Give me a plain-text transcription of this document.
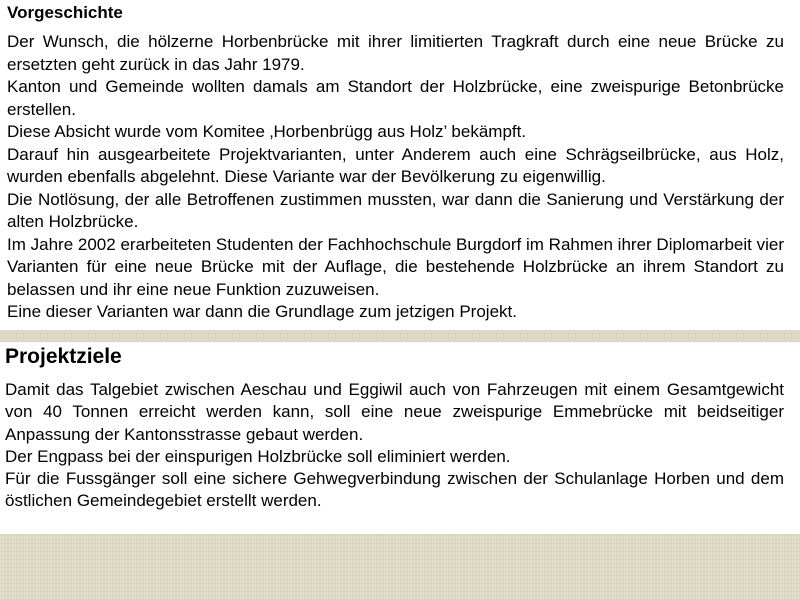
Vorgeschichte

Der Wunsch, die hölzerne Horbenbrücke mit ihrer limitierten Tragkraft durch eine neue Brücke zu ersetzten geht zurück in das Jahr 1979.

Kanton und Gemeinde wollten damals am Standort der Holzbrücke, eine zweispurige Betonbrücke erstellen.

Diese Absicht wurde vom Komitee ‚Horbenbrügg aus Holz’ bekämpft.

Darauf hin ausgearbeitete Projektvarianten, unter Anderem auch eine Schrägseilbrücke, aus Holz, wurden ebenfalls abgelehnt. Diese Variante war der Bevölkerung zu eigenwillig.

Die Notlösung, der alle Betroffenen zustimmen mussten, war dann die Sanierung und Verstärkung der alten Holzbrücke.

Im Jahre 2002 erarbeiteten Studenten der Fachhochschule Burgdorf im Rahmen ihrer Diplomarbeit vier Varianten für eine neue Brücke mit der Auflage, die bestehende Holzbrücke an ihrem Standort zu belassen und ihr eine neue Funktion zuzuweisen.

Eine dieser Varianten war dann die Grundlage zum jetzigen Projekt.

Projektziele

Damit das Talgebiet zwischen Aeschau und Eggiwil auch von Fahrzeugen mit einem Gesamtgewicht von 40 Tonnen erreicht werden kann, soll eine neue zweispurige Emmebrücke mit beidseitiger Anpassung der Kantonsstrasse gebaut werden.

Der Engpass bei der einspurigen Holzbrücke soll eliminiert werden.

Für die Fussgänger soll eine sichere Gehwegverbindung zwischen der Schulanlage Horben und dem östlichen Gemeindegebiet erstellt werden.
